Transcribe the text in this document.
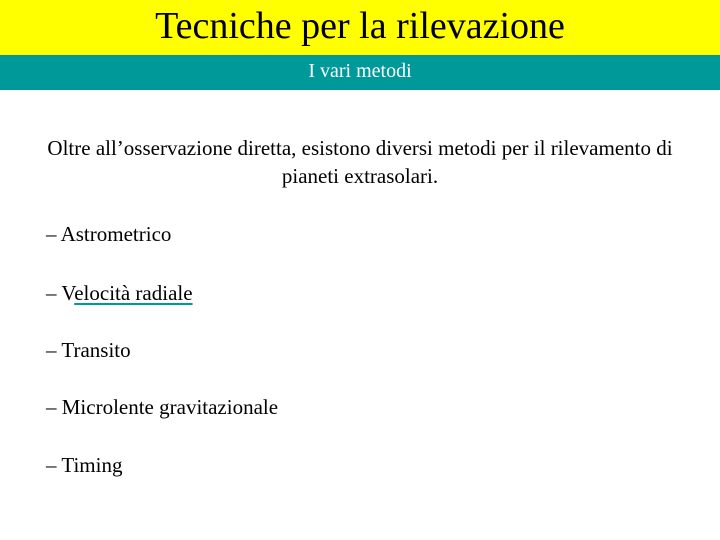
Tecniche per la rilevazione
I vari metodi
Oltre all’osservazione diretta, esistono diversi metodi per il rilevamento di pianeti extrasolari.
– Astrometrico
– Velocità radiale
– Transito
– Microlente gravitazionale
– Timing
